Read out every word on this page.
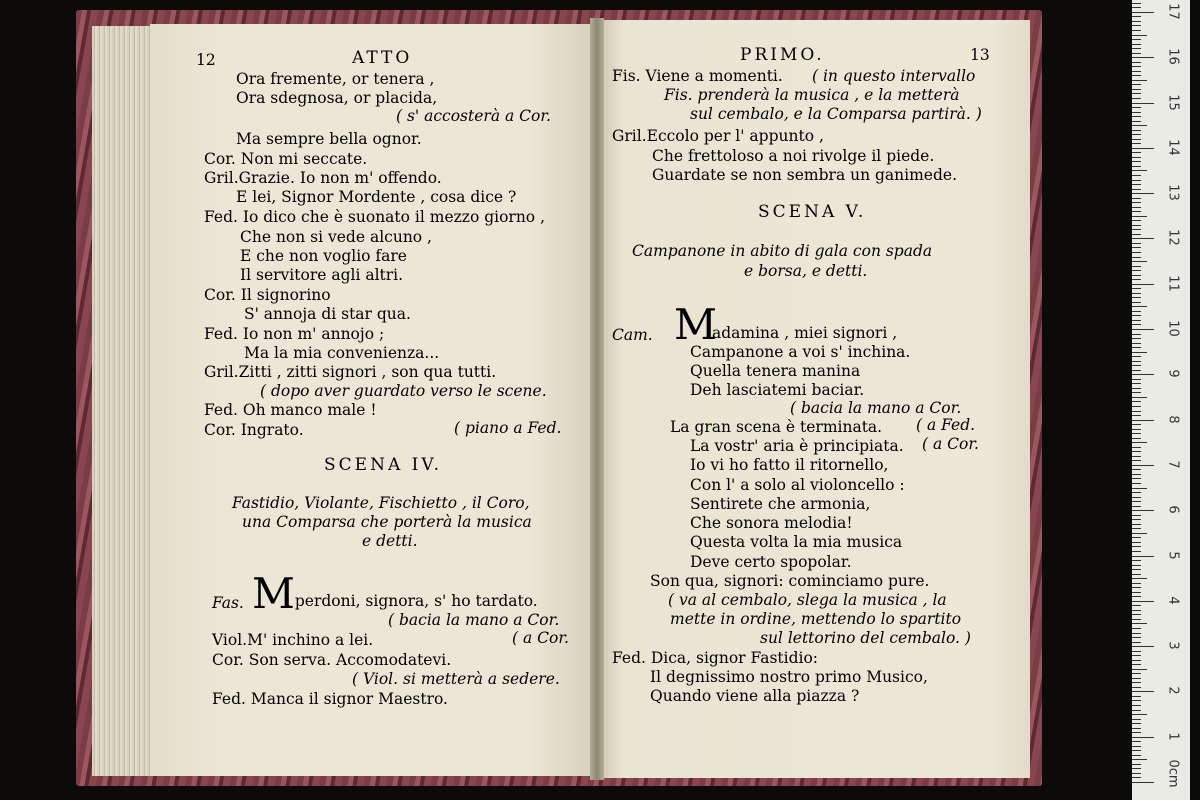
12	ATTO
Ora fremente, or tenera ,
Ora sdegnosa, or placida,
( s' accosterà a Cor.
Ma sempre bella ognor.
Cor. Non mi seccate.
Gril.Grazie. Io non m' offendo.
E lei, Signor Mordente , cosa dice ?
Fed. Io dico che è suonato il mezzo giorno ,
Che non si vede alcuno ,
E che non voglio fare
Il servitore agli altri.
Cor. Il signorino
S' annoja di star qua.
Fed. Io non m' annojo ;
Ma la mia convenienza...
Gril.Zitti , zitti signori , son qua tutti.
( dopo aver guardato verso le scene.
Fed. Oh manco male !
Cor. Ingrato.	( piano a Fed.
SCENA IV.
Fastidio, Violante, Fischietto , il Coro,
una Comparsa che porterà la musica
e detti.
Fas. M
i perdoni, signora, s' ho tardato.
( bacia la mano a Cor.
Viol.M' inchino a lei.	( a Cor.
Cor. Son serva. Accomodatevi.
( Viol. si metterà a sedere.
Fed. Manca il signor Maestro.
PRIMO.	13
Fis. Viene a momenti. ( in questo intervallo
Fis. prenderà la musica , e la metterà
sul cembalo, e la Comparsa partirà. )
Gril.Eccolo per l' appunto ,
Che frettoloso a noi rivolge il piede.
Guardate se non sembra un ganimede.
SCENA V.
Campanone in abito di gala con spada
e borsa, e detti.
Cam. M
adamina , miei signori ,
Campanone a voi s' inchina.
Quella tenera manina
Deh lasciatemi baciar.
( bacia la mano a Cor.
La gran scena è terminata. ( a Fed.
La vostr' aria è principiata. ( a Cor.
Io vi ho fatto il ritornello,
Con l' a solo al violoncello :
Sentirete che armonia,
Che sonora melodia!
Questa volta la mia musica
Deve certo spopolar.
Son qua, signori: cominciamo pure.
( va al cembalo, slega la musica , la
mette in ordine, mettendo lo spartito
sul lettorino del cembalo. )
Fed. Dica, signor Fastidio:
Il degnissimo nostro primo Musico,
Quando viene alla piazza ?
0cm
1
2
3
4
5
6
7
8
9
10
11
12
13
14
15
16
17
